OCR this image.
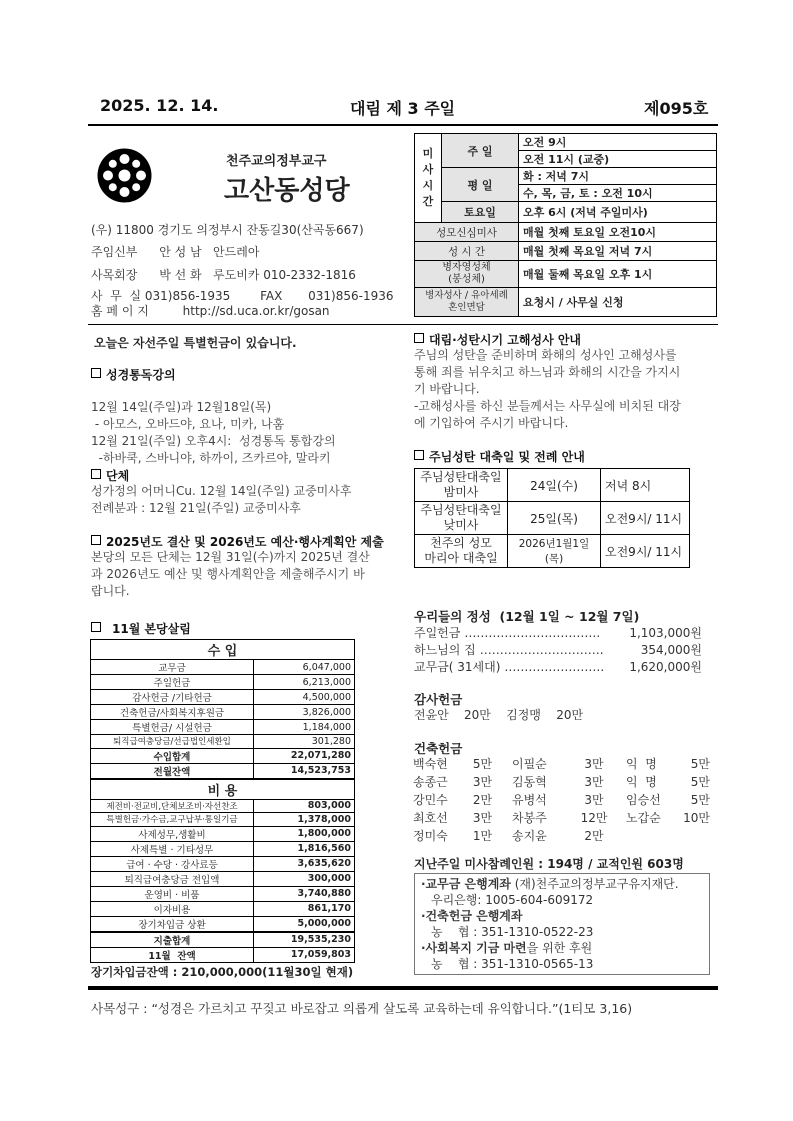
2025. 12. 14.	대림 제 3 주일	제095호
천주교의정부교구
고산동성당
(우) 11800 경기도 의정부시 잔동길30(산곡동667)
주임신부 안 성 남   안드레아
사목회장 박 선 화   루도비카 010-2332-1816
사  무  실 031)856-1935 FAX 031)856-1936
홈 페 이 지	http://sd.uca.or.kr/gosan
미사시간	주 일	오전 9시
		오전 11시 (교중)
	평 일	화 : 저녁 7시
		수, 목, 금, 토 : 오전 10시
	토요일	오후 6시 (저녁 주일미사)
성모신심미사		매월 첫째 토요일 오전10시
성 시 간		매월 첫째 목요일 저녁 7시
병자영성체
(봉성체)		매월 둘째 목요일 오후 1시
병자성사 / 유아세례
혼인면담		요청시 / 사무실 신청
오늘은 자선주일 특별헌금이 있습니다.
성경통독강의

12월 14일(주일)과 12월18일(목)
- 아모스, 오바드야, 요나, 미카, 나훔
12월 21일(주일) 오후4시:  성경통독 통합강의
-하바쿡, 스바니야, 하까이, 즈카르야, 말라키

단체
성가정의 어머니Cu. 12월 14일(주일) 교중미사후
전례분과 : 12월 21일(주일) 교중미사후
2025년도 결산 및 2026년도 예산·행사계획안 제출
본당의 모든 단체는 12월 31일(수)까지 2025년 결산
과 2026년도 예산 및 행사계획안을 제출해주시기 바
랍니다.
11월 본당살림
수 입	
교무금	6,047,000
주일헌금	6,213,000
감사헌금 /기타헌금	4,500,000
건축헌금/사회복지후원금	3,826,000
특별헌금/ 시설헌금	1,184,000
퇴직급여충당금/선급법인세환입	301,280
수입합계	22,071,280
전월잔액	14,523,753
비 용	
제전비·전교비,단체보조비·자선찬조	803,000
특별헌금·가수금,교구납부·통일기금	1,378,000
사제성무,생활비	1,800,000
사제특별 · 기타성무	1,816,560
급여 · 수당 · 강사료등	3,635,620
퇴직급여충당금 전입액	300,000
운영비 · 비품	3,740,880
이자비용	861,170
장기차입금 상환	5,000,000
지출합계	19,535,230
11월  잔액	17,059,803
장기차입금잔액 : 210,000,000(11월30일 현재)
대림·성탄시기 고해성사 안내
주님의 성탄을 준비하며 화해의 성사인 고해성사를
통해 죄를 뉘우치고 하느님과 화해의 시간을 가지시
기 바랍니다.
-고해성사를 하신 분들께서는 사무실에 비치된 대장
에 기입하여 주시기 바랍니다.
주님성탄 대축일 및 전례 안내
주님성탄대축일
밤미사	24일(수)	저녁 8시
주님성탄대축일
낮미사	25일(목)	오전9시/ 11시
천주의 성모
마리아 대축일	2026년1월1일(목)	오전9시/ 11시
우리들의 정성  (12월 1일 ~ 12월 7일)
주일헌금 …………………………….	1,103,000원
하느님의 집 ………………………….	354,000원
교무금( 31세대) …………………….	1,620,000원
감사헌금
전윤안    20만    김정맹    20만
건축헌금
백숙현	5만	이필순	3만	익  명	5만
송종근	3만	김동혁	3만	익  명	5만
강민수	2만	유병석	3만	임승선	5만
최호선	3만	차봉주	12만	노갑순	10만
정미숙	1만	송지윤	2만		
지난주일 미사참례인원 : 194명 / 교적인원 603명
·교무금 은행계좌 (재)천주교의정부교구유지재단.
우리은행: 1005-604-609172
·건축헌금 은행계좌
농    협 : 351-1310-0522-23
·사회복지 기금 마련을 위한 후원
농    협 : 351-1310-0565-13
사목성구 : “성경은 가르치고 꾸짖고 바로잡고 의롭게 살도록 교육하는데 유익합니다.”(1티모 3,16)
